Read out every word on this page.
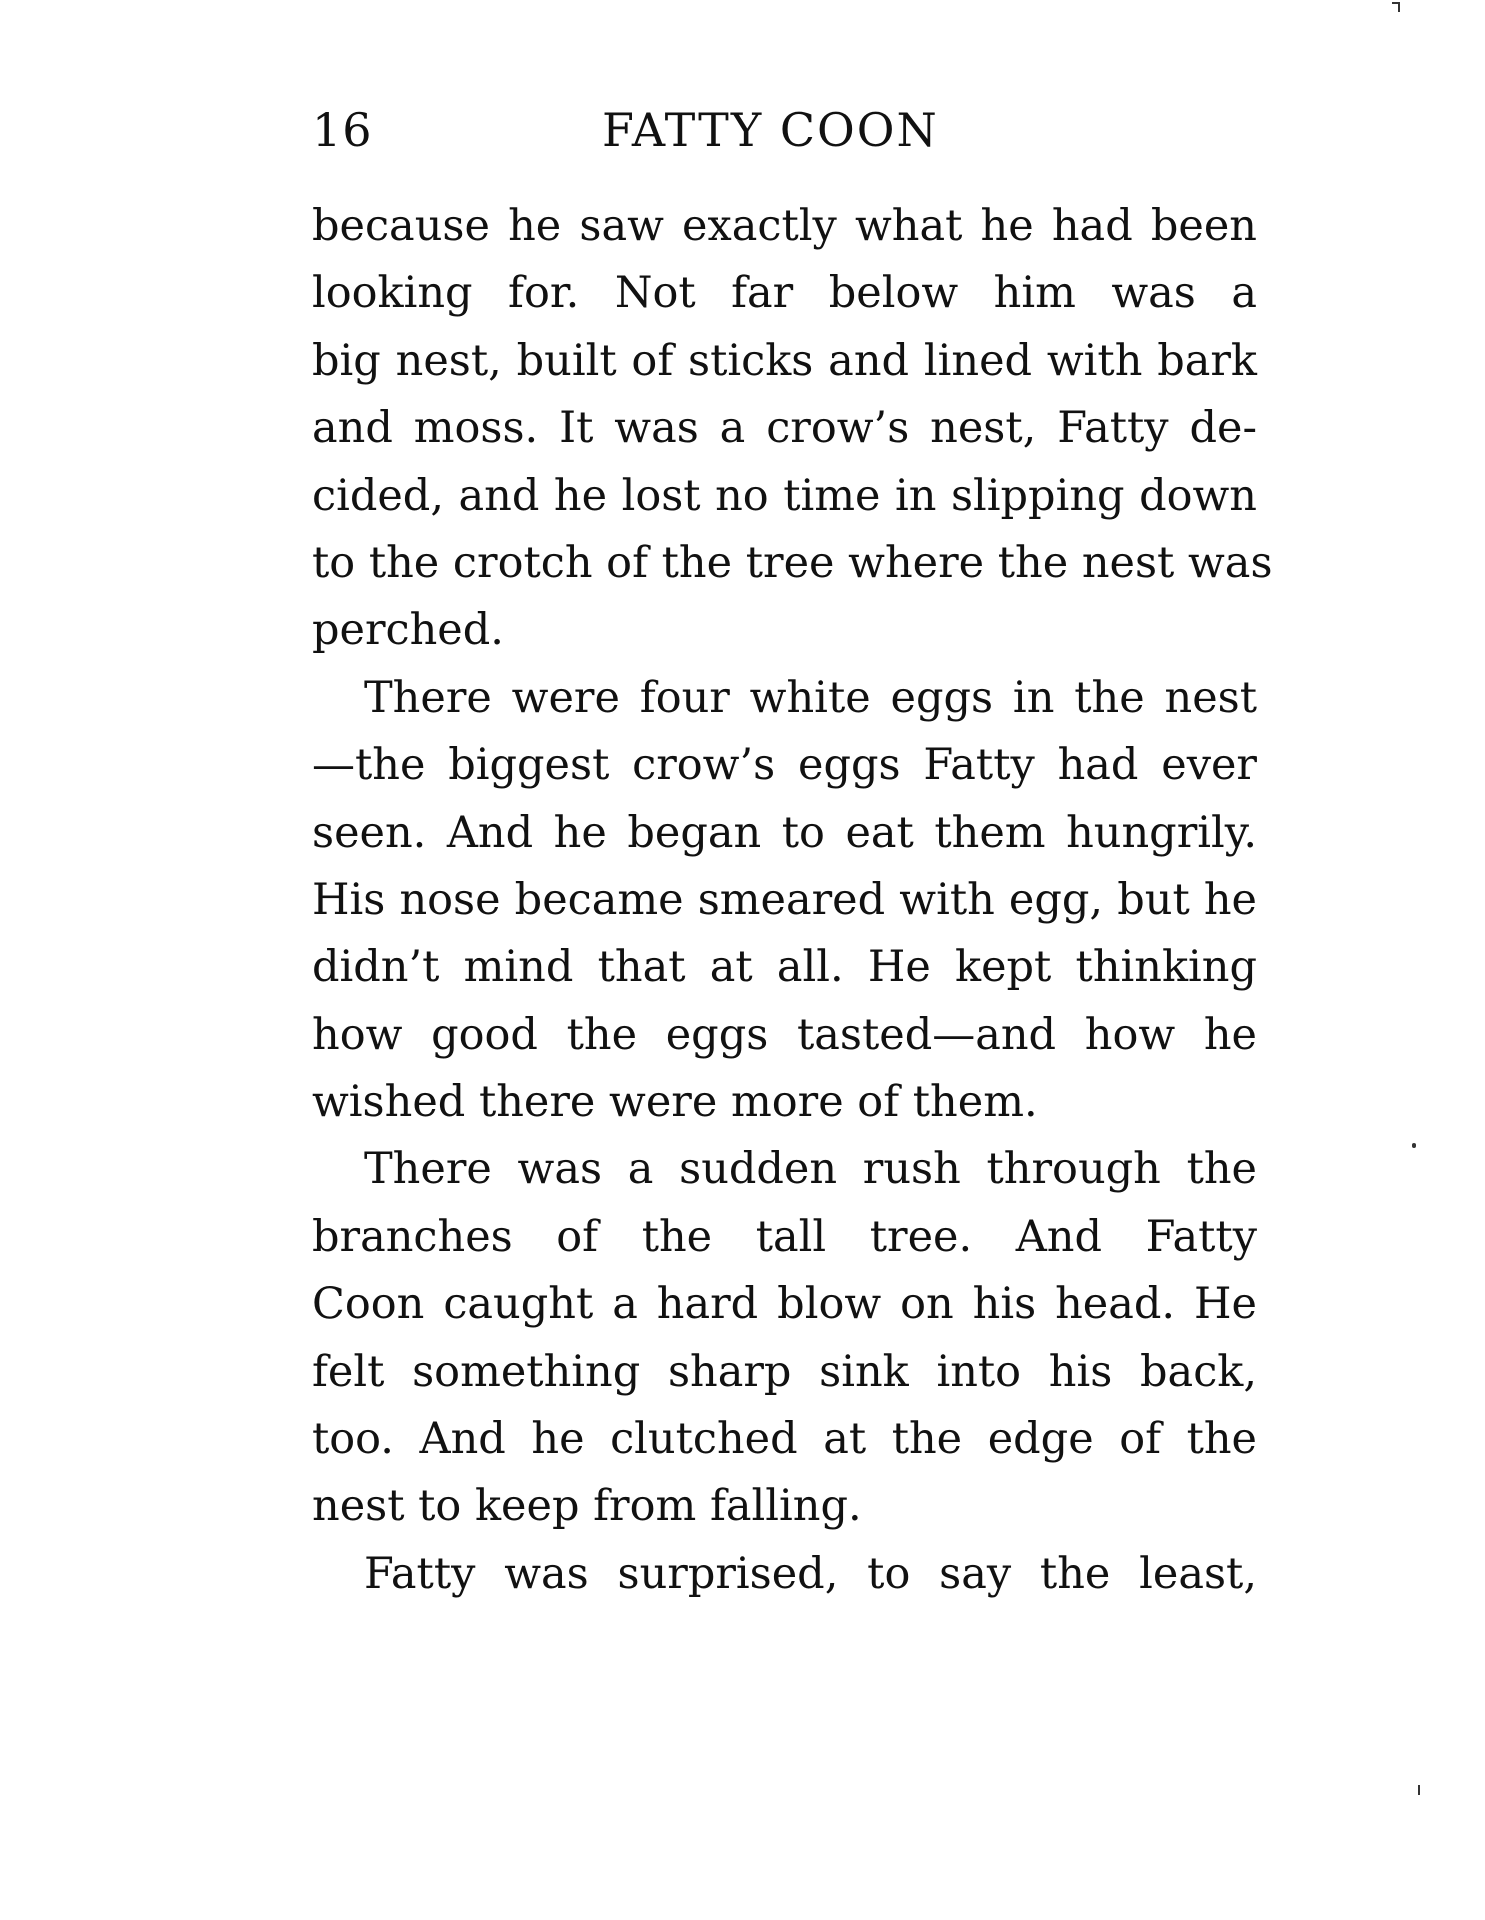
16	FATTY COON
because he saw exactly what he had been
looking for. Not far below him was a
big nest, built of sticks and lined with bark
and moss. It was a crow’s nest, Fatty de-
cided, and he lost no time in slipping down
to the crotch of the tree where the nest was
perched.
There were four white eggs in the nest
—the biggest crow’s eggs Fatty had ever
seen. And he began to eat them hungrily.
His nose became smeared with egg, but he
didn’t mind that at all. He kept thinking
how good the eggs tasted—and how he
wished there were more of them.
There was a sudden rush through the
branches of the tall tree. And Fatty
Coon caught a hard blow on his head. He
felt something sharp sink into his back,
too. And he clutched at the edge of the
nest to keep from falling.
Fatty was surprised, to say the least,
